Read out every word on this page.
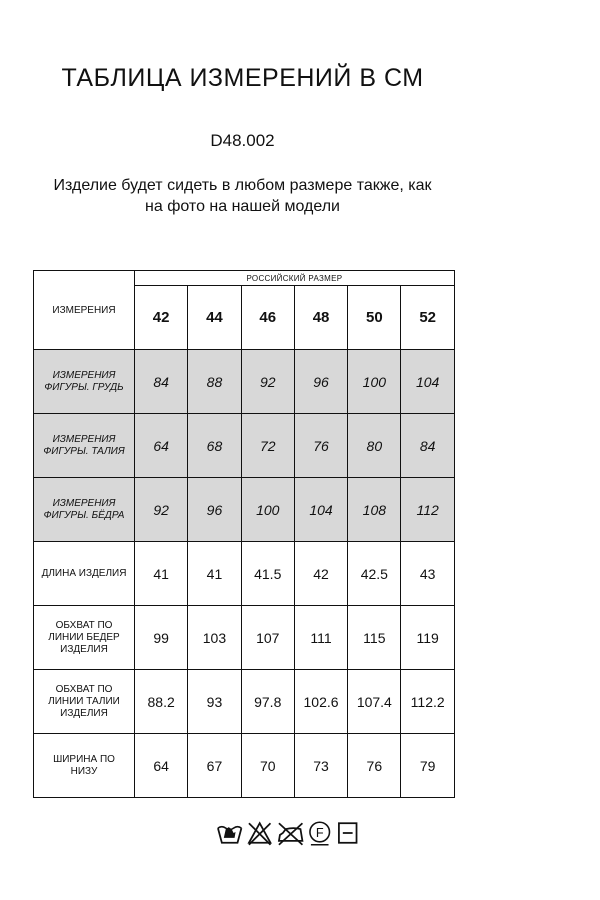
ТАБЛИЦА ИЗМЕРЕНИЙ В СМ
D48.002
Изделие будет сидеть в любом размере также, как
на фото на нашей модели
ИЗМЕРЕНИЯ	РОССИЙСКИЙ РАЗМЕР					
	42	44	46	48	50	52

ИЗМЕРЕНИЯ
ФИГУРЫ. ГРУДЬ	84	88	92	96	100	104

ИЗМЕРЕНИЯ
ФИГУРЫ. ТАЛИЯ	64	68	72	76	80	84

ИЗМЕРЕНИЯ
ФИГУРЫ. БЁДРА	92	96	100	104	108	112

ДЛИНА ИЗДЕЛИЯ	41	41	41.5	42	42.5	43

ОБХВАТ ПО
ЛИНИИ БЕДЕР
ИЗДЕЛИЯ	99	103	107	111	115	119

ОБХВАТ ПО
ЛИНИИ ТАЛИИ
ИЗДЕЛИЯ	88.2	93	97.8	102.6	107.4	112.2

ШИРИНА ПО
НИЗУ	64	67	70	73	76	79
F
